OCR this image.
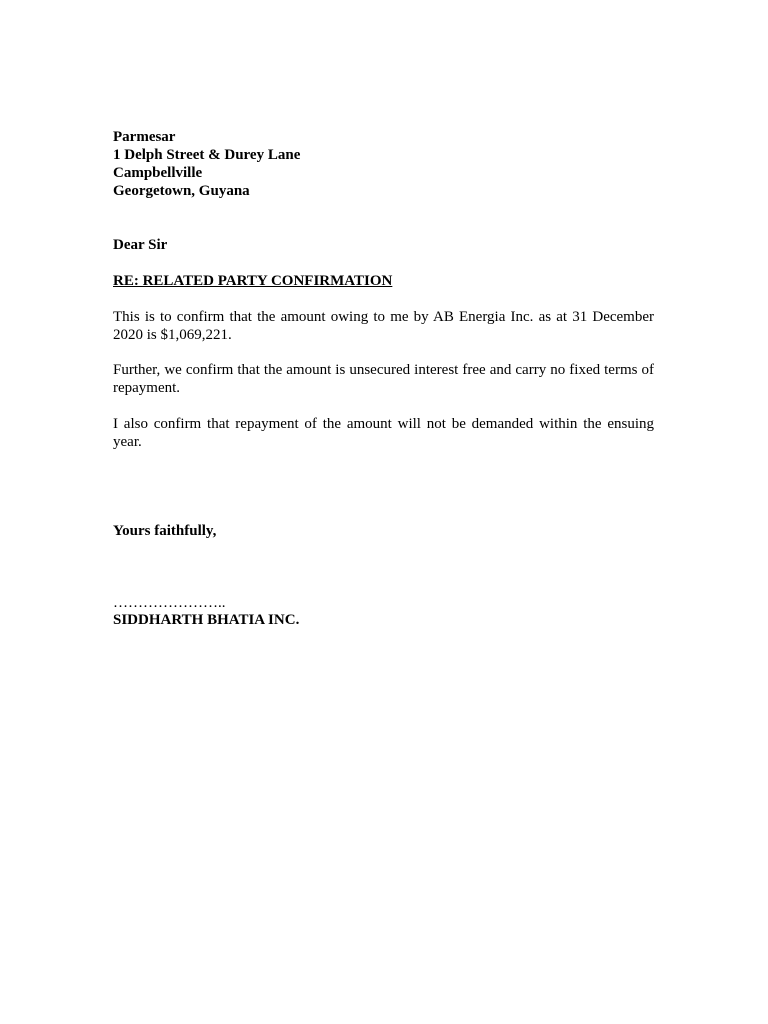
Parmesar
1 Delph Street & Durey Lane
Campbellville
Georgetown, Guyana
Dear Sir
RE: RELATED PARTY CONFIRMATION
This is to confirm that the amount owing to me by AB Energia Inc. as at 31 December 2020 is $1,069,221.
Further, we confirm that the amount is unsecured interest free and carry no fixed terms of repayment.
I also confirm that repayment of the amount will not be demanded within the ensuing year.
Yours faithfully,
…………………..
SIDDHARTH BHATIA INC.
